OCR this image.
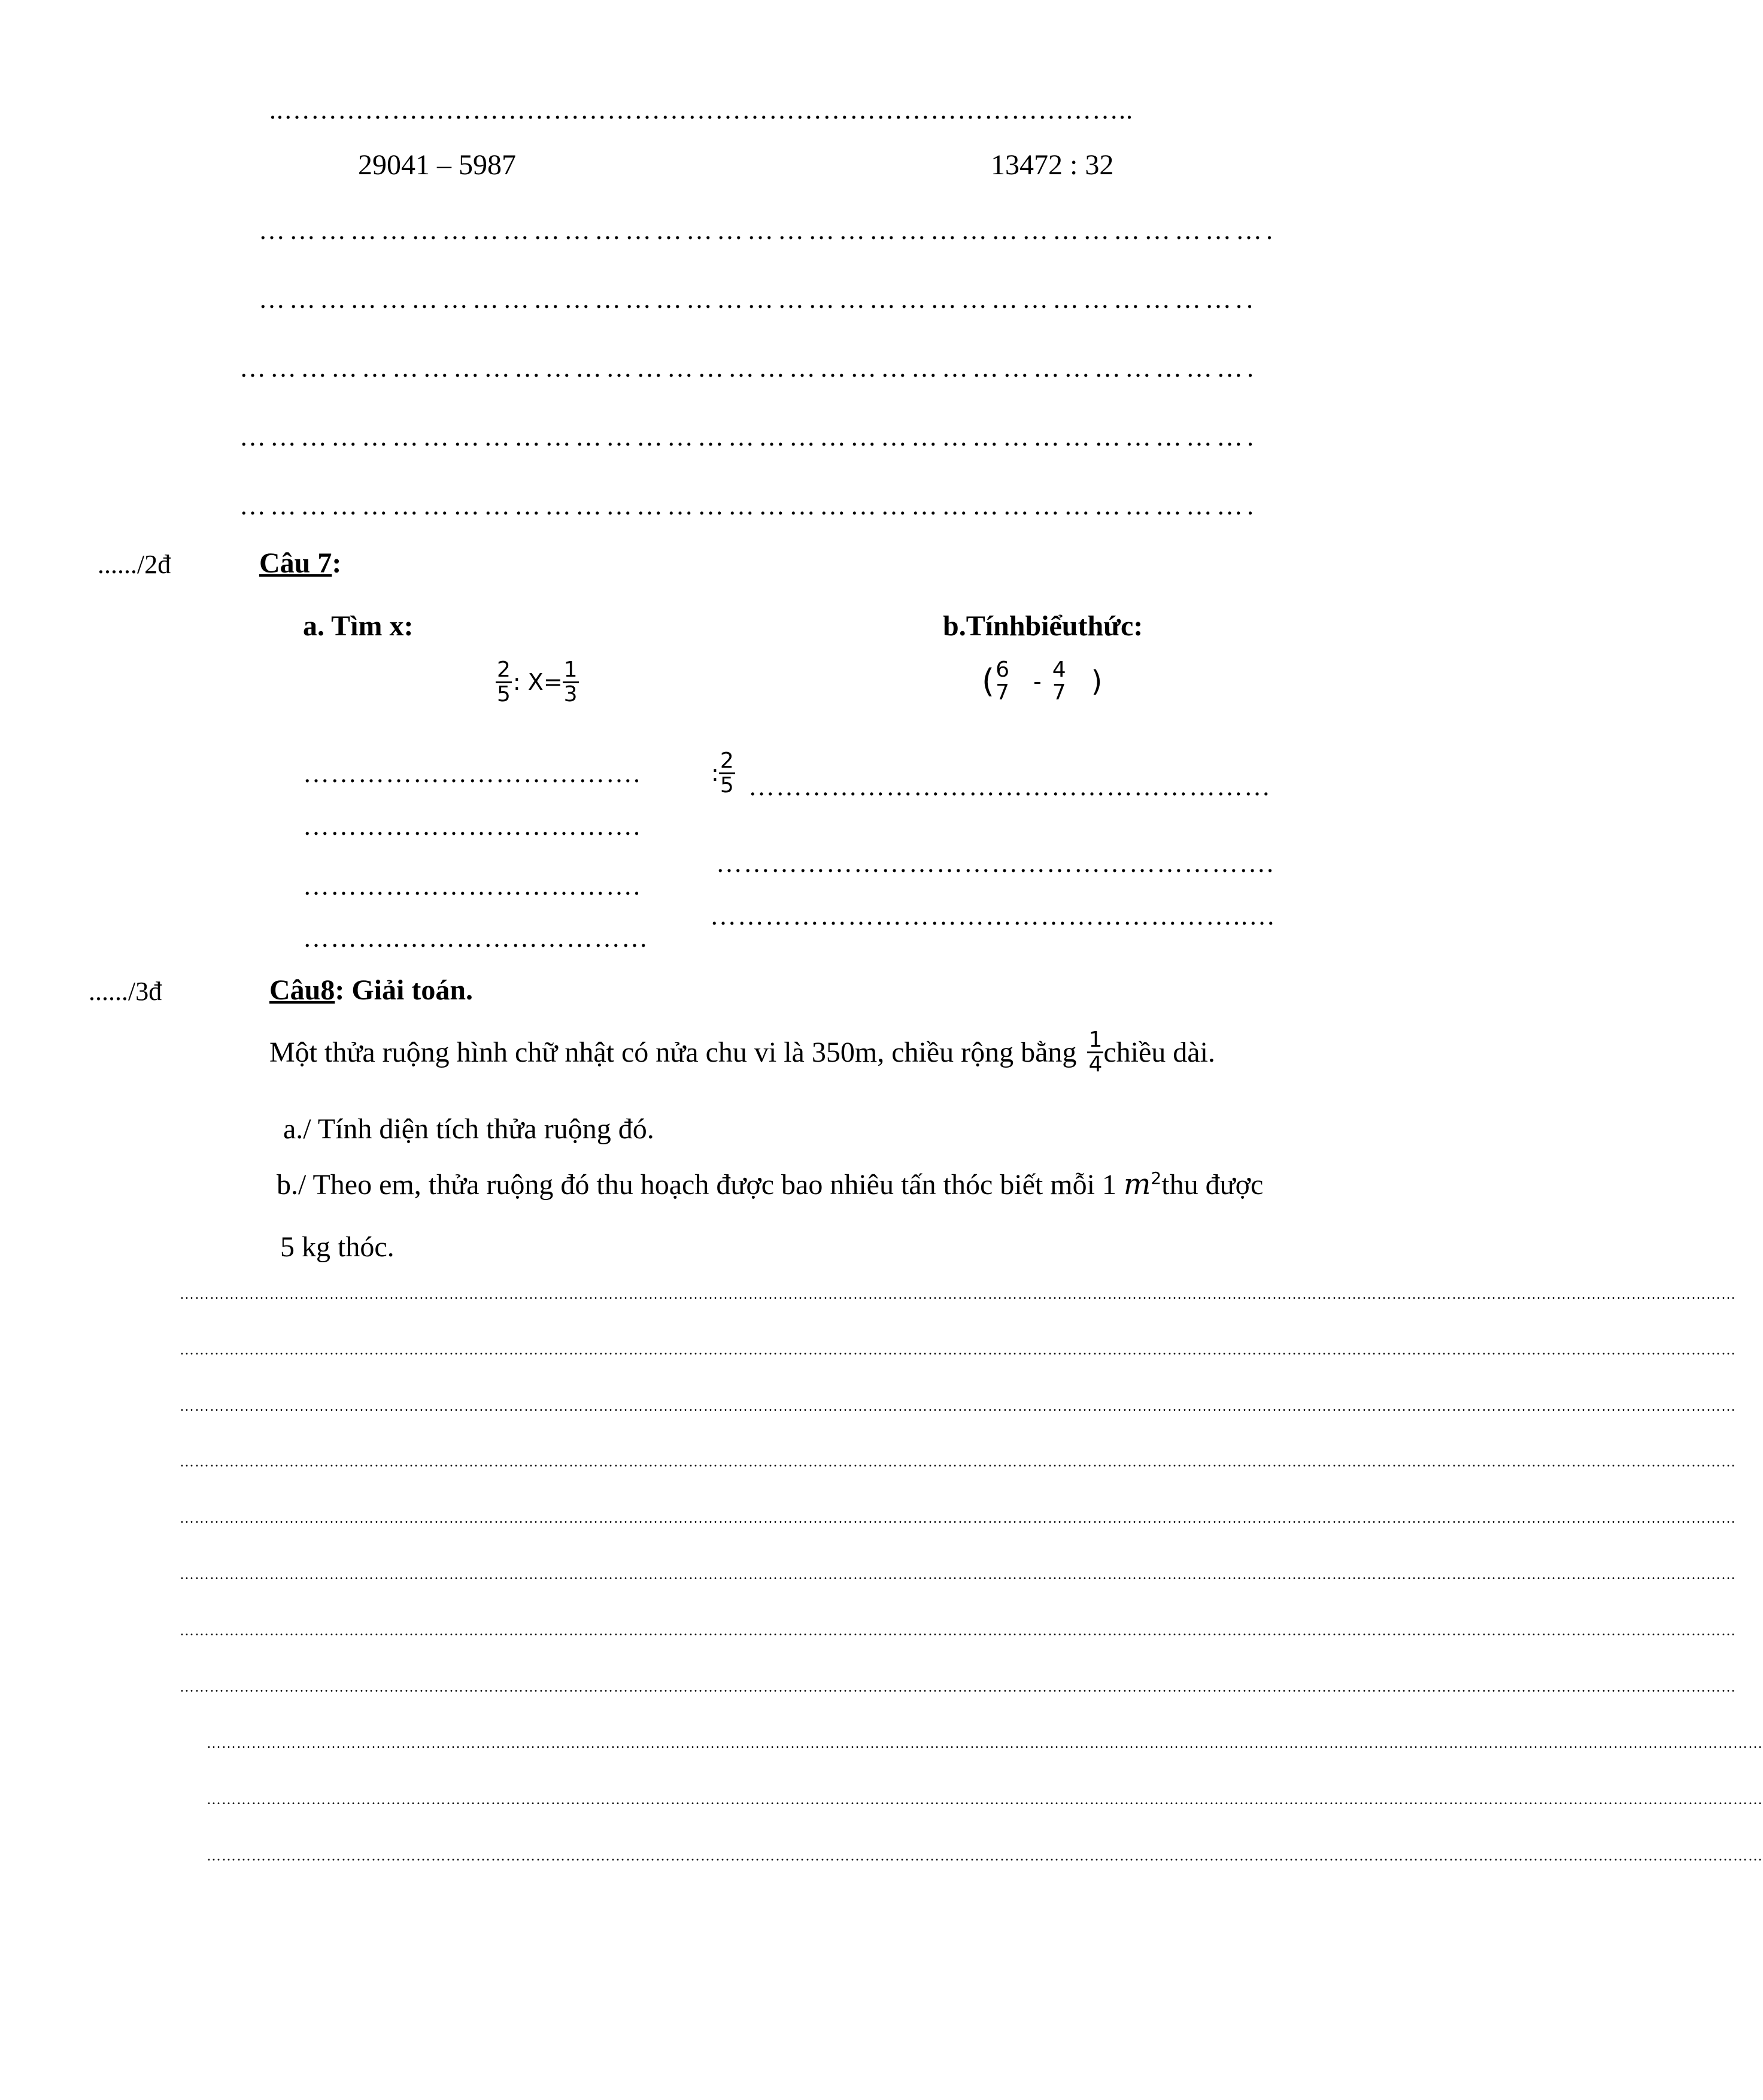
..…………………………………………………………………………………..
29041 – 5987	13472 : 32
……………………………………………………………………………………….
……………………………………………………………………………………..
……………………………………………………………………………………….
……………………………………………………………………………………….
……………………………………………………………………………………….
....../2đ	Câu 7:
a. Tìm x:	b.Tínhbiểuthức:
$\frac{2}{5}$ : $X= \frac{1}{3}$	( 6
7 - 4
7 )
……………………………….
……………………………….
……………………………….
………..………………………
: $\frac{2}{5}$ …………………………………………………
…………………………………………………….
…………………………………………………..…
....../3đ	Câu8: Giải toán.
Một thửa ruộng hình chữ nhật có nửa chu vi là 350m, chiều rộng bằng $\frac{1}{4}$ chiều dài.
a./ Tính diện tích thửa ruộng đó.
b./ Theo em, thửa ruộng đó thu hoạch được bao nhiêu tấn thóc biết mỗi 1 $m^2thu$ được
5 kg thóc.
……………………………………………………………………………………………………………………………………………………………………………………………………………………………………………………………………………………
……………………………………………………………………………………………………………………………………………………………………………………………………………………………………………………………………………………
……………………………………………………………………………………………………………………………………………………………………………………………………………………………………………………………………………………
……………………………………………………………………………………………………………………………………………………………………………………………………………………………………………………………………………………
……………………………………………………………………………………………………………………………………………………………………………………………………………………………………………………………………………………
……………………………………………………………………………………………………………………………………………………………………………………………………………………………………………………………………………………
……………………………………………………………………………………………………………………………………………………………………………………………………………………………………………………………………………………
……………………………………………………………………………………………………………………………………………………………………………………………………………………………………………………………………………………
……………………………………………………………………………………………………………………………………………………………………………………………………………………………………………………………………………………
……………………………………………………………………………………………………………………………………………………………………………………………………………………………………………………………………………………
……………………………………………………………………………………………………………………………………………………………………………………………………………………………………………………………………………………
